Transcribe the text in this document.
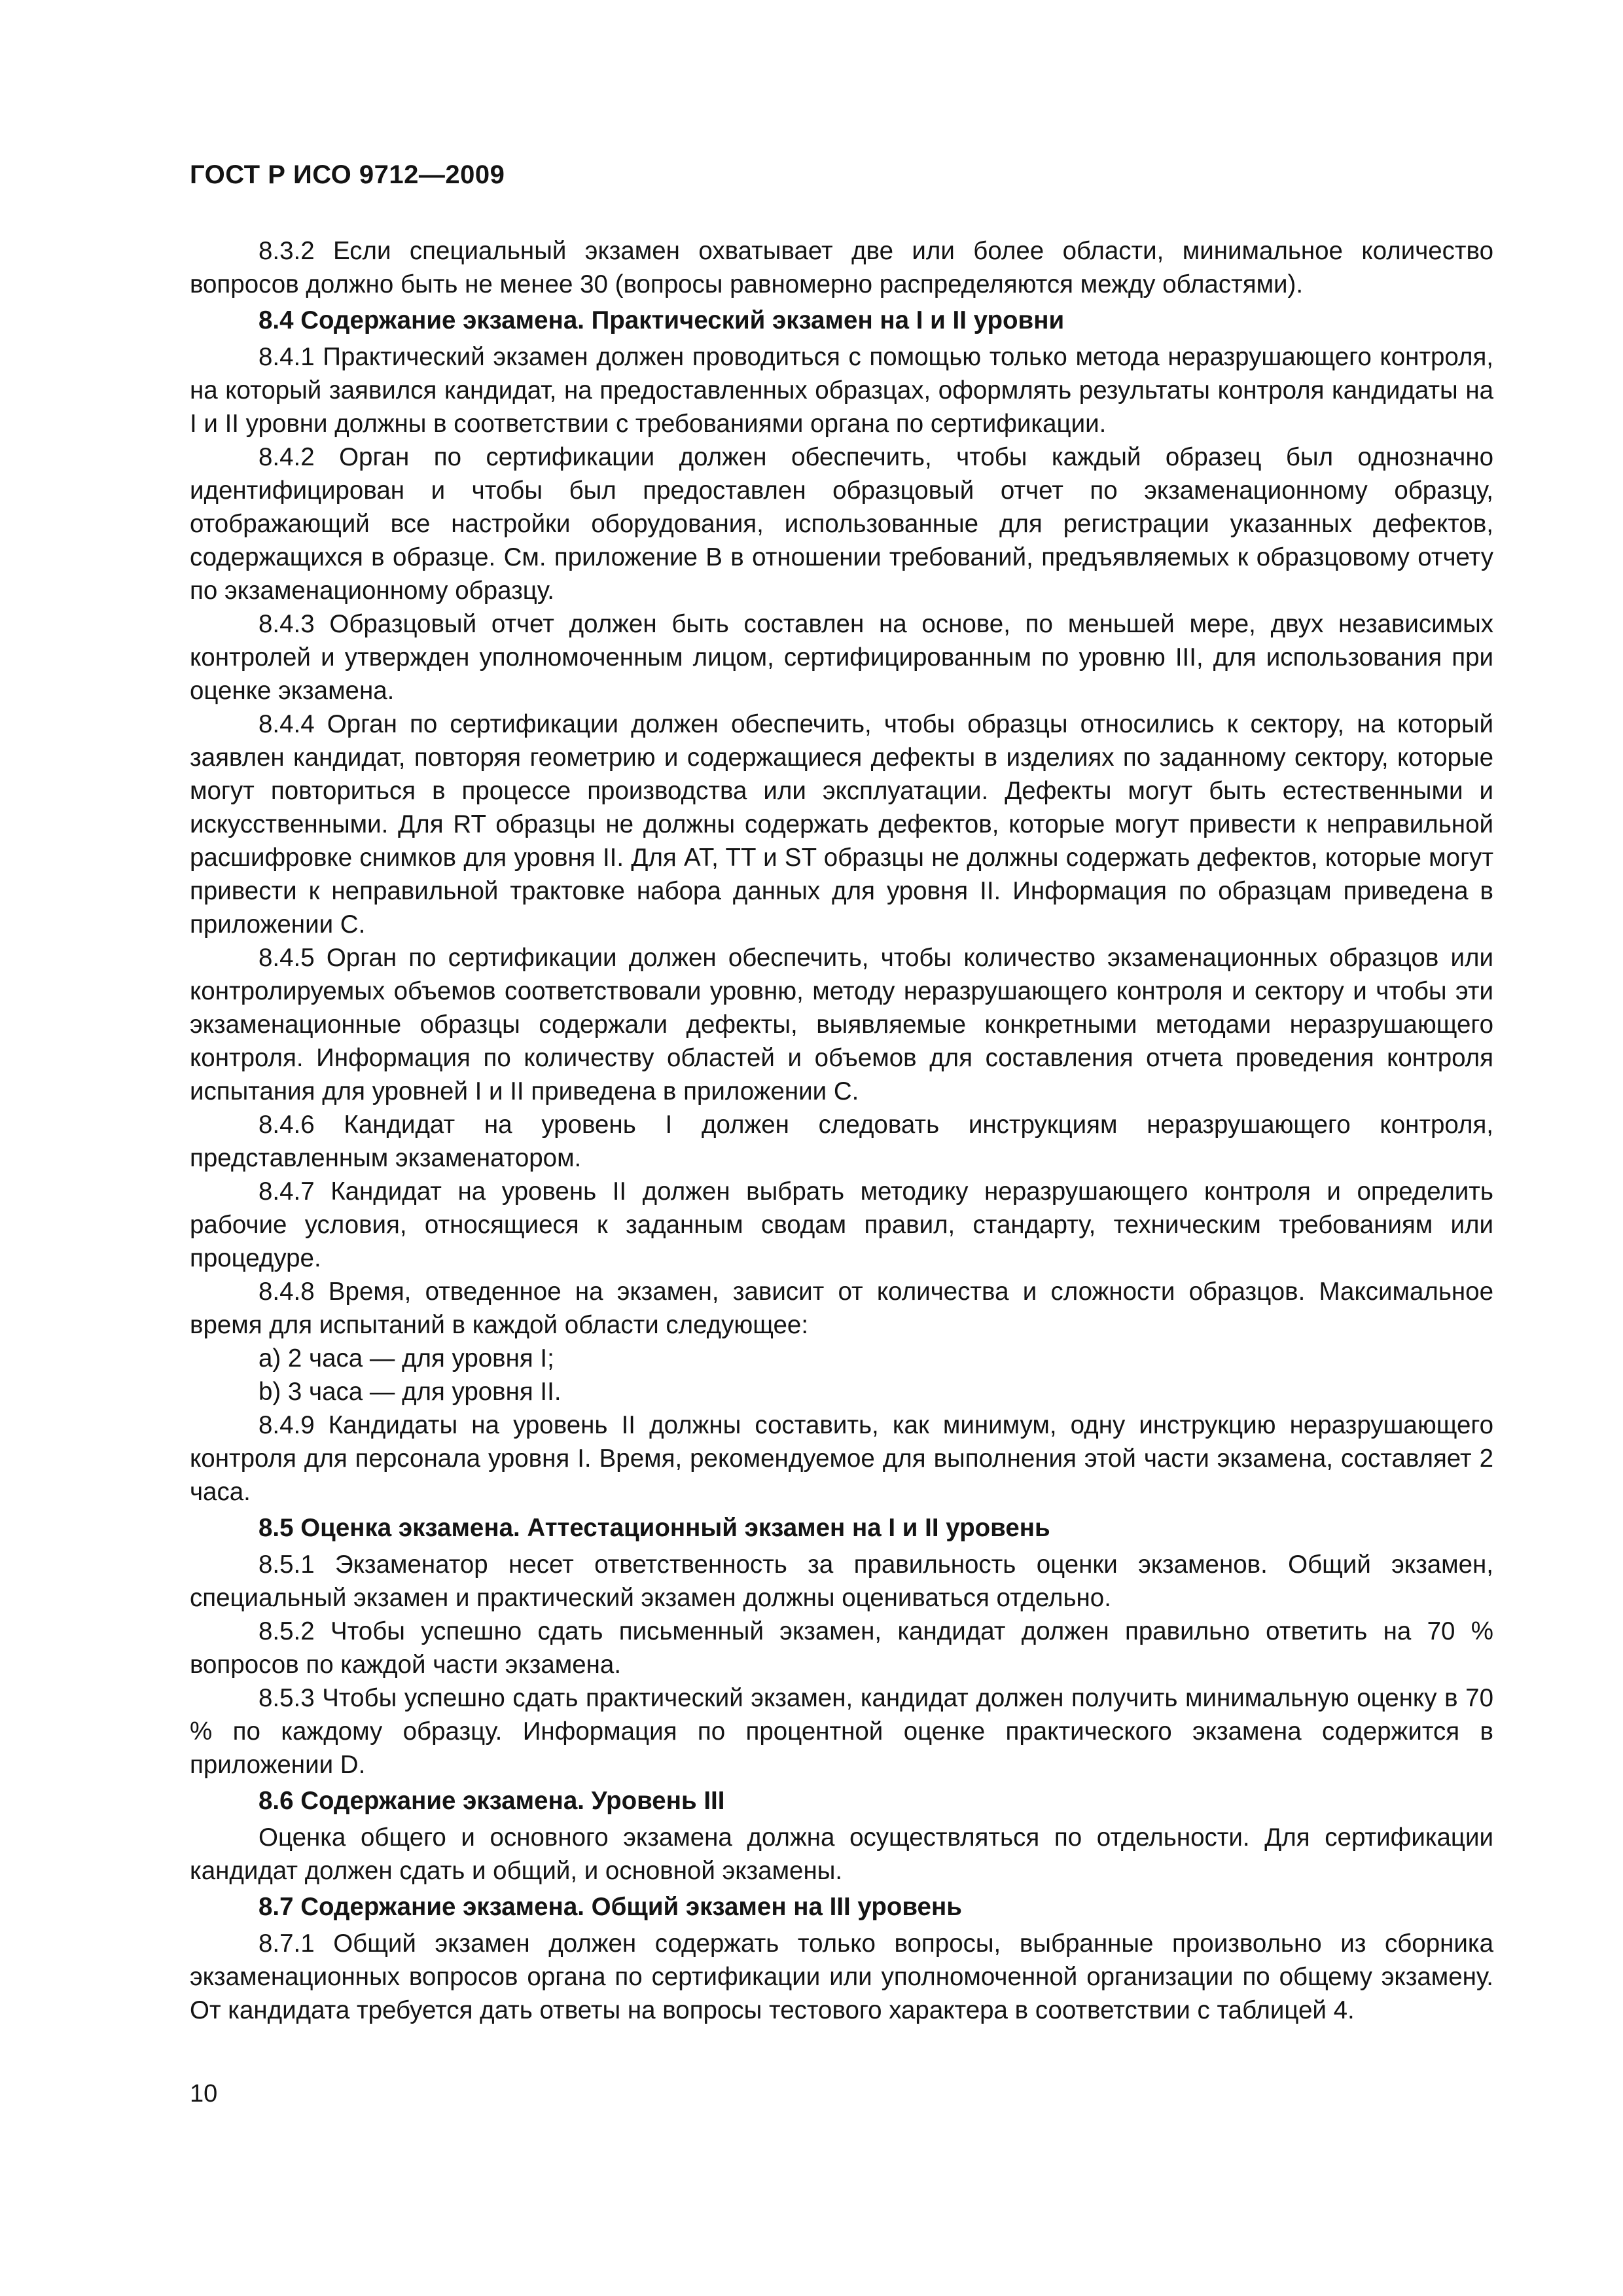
ГОСТ Р ИСО 9712—2009

8.3.2 Если специальный экзамен охватывает две или более области, минимальное количество вопросов должно быть не менее 30 (вопросы равномерно распределяются между областями).

8.4 Содержание экзамена. Практический экзамен на I и II уровни

8.4.1 Практический экзамен должен проводиться с помощью только метода неразрушающего контроля, на который заявился кандидат, на предоставленных образцах, оформлять результаты контроля кандидаты на I и II уровни должны в соответствии с требованиями органа по сертификации.

8.4.2 Орган по сертификации должен обеспечить, чтобы каждый образец был однозначно идентифицирован и чтобы был предоставлен образцовый отчет по экзаменационному образцу, отображающий все настройки оборудования, использованные для регистрации указанных дефектов, содержащихся в образце. См. приложение В в отношении требований, предъявляемых к образцовому отчету по экзаменационному образцу.

8.4.3 Образцовый отчет должен быть составлен на основе, по меньшей мере, двух независимых контролей и утвержден уполномоченным лицом, сертифицированным по уровню III, для использования при оценке экзамена.

8.4.4 Орган по сертификации должен обеспечить, чтобы образцы относились к сектору, на который заявлен кандидат, повторяя геометрию и содержащиеся дефекты в изделиях по заданному сектору, которые могут повториться в процессе производства или эксплуатации. Дефекты могут быть естественными и искусственными. Для RT образцы не должны содержать дефектов, которые могут привести к неправильной расшифровке снимков для уровня II. Для AT, TT и ST образцы не должны содержать дефектов, которые могут привести к неправильной трактовке набора данных для уровня II. Информация по образцам приведена в приложении С.

8.4.5 Орган по сертификации должен обеспечить, чтобы количество экзаменационных образцов или контролируемых объемов соответствовали уровню, методу неразрушающего контроля и сектору и чтобы эти экзаменационные образцы содержали дефекты, выявляемые конкретными методами неразрушающего контроля. Информация по количеству областей и объемов для составления отчета проведения контроля испытания для уровней I и II приведена в приложении С.

8.4.6 Кандидат на уровень I должен следовать инструкциям неразрушающего контроля, представленным экзаменатором.

8.4.7 Кандидат на уровень II должен выбрать методику неразрушающего контроля и определить рабочие условия, относящиеся к заданным сводам правил, стандарту, техническим требованиям или процедуре.

8.4.8 Время, отведенное на экзамен, зависит от количества и сложности образцов. Максимальное время для испытаний в каждой области следующее:

a) 2 часа — для уровня I;

b) 3 часа — для уровня II.

8.4.9 Кандидаты на уровень II должны составить, как минимум, одну инструкцию неразрушающего контроля для персонала уровня I. Время, рекомендуемое для выполнения этой части экзамена, составляет 2 часа.

8.5 Оценка экзамена. Аттестационный экзамен на I и II уровень

8.5.1 Экзаменатор несет ответственность за правильность оценки экзаменов. Общий экзамен, специальный экзамен и практический экзамен должны оцениваться отдельно.

8.5.2 Чтобы успешно сдать письменный экзамен, кандидат должен правильно ответить на 70 % вопросов по каждой части экзамена.

8.5.3 Чтобы успешно сдать практический экзамен, кандидат должен получить минимальную оценку в 70 % по каждому образцу. Информация по процентной оценке практического экзамена содержится в приложении D.

8.6 Содержание экзамена. Уровень III

Оценка общего и основного экзамена должна осуществляться по отдельности. Для сертификации кандидат должен сдать и общий, и основной экзамены.

8.7 Содержание экзамена. Общий экзамен на III уровень

8.7.1 Общий экзамен должен содержать только вопросы, выбранные произвольно из сборника экзаменационных вопросов органа по сертификации или уполномоченной организации по общему экзамену. От кандидата требуется дать ответы на вопросы тестового характера в соответствии с таблицей 4.

10
